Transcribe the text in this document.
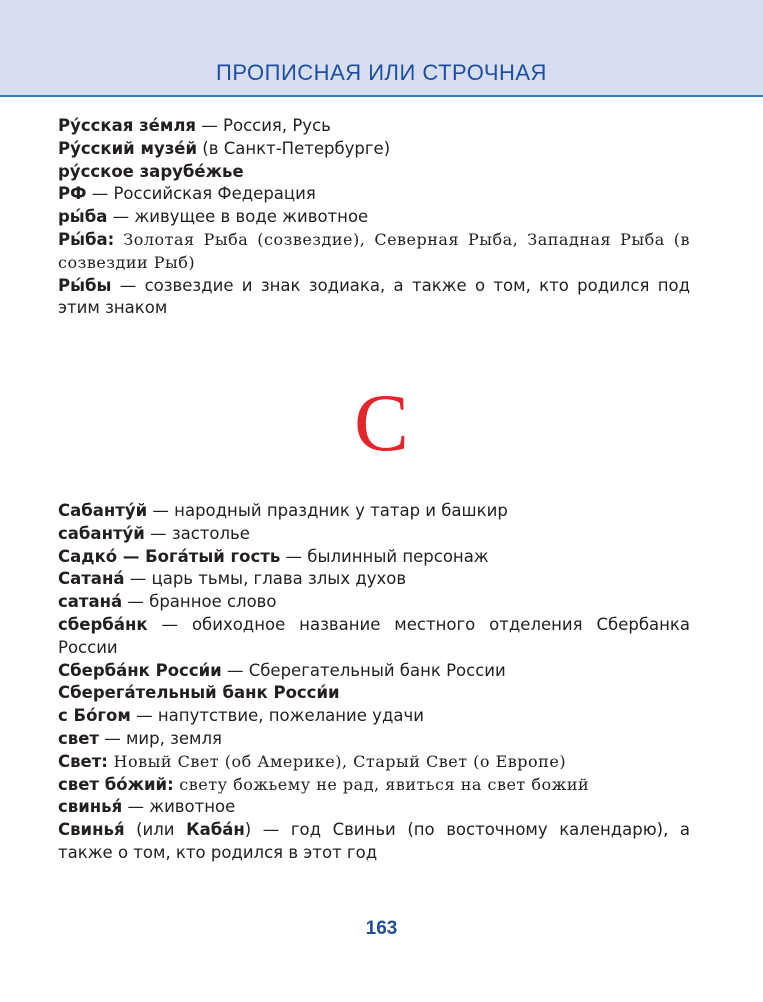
ПРОПИСНАЯ ИЛИ СТРОЧНАЯ
Ру́сская зе́мля — Россия, Русь
Ру́сский музе́й (в Санкт-Петербурге)
ру́сское зарубе́жье
РФ — Российская Федерация
ры́ба — живущее в воде животное
Ры́ба: Золотая Рыба (созвездие), Северная Рыба, Западная Рыба (в созвездии Рыб)
Ры́бы — созвездие и знак зодиака, а также о том, кто родился под этим знаком
С
Сабанту́й — народный праздник у татар и башкир
сабанту́й — застолье
Садко́ — Бога́тый гость — былинный персонаж
Сатана́ — царь тьмы, глава злых духов
сатана́ — бранное слово
сберба́нк — обиходное название местного отделения Сбербанка России
Сберба́нк Росси́и — Сберегательный банк России
Сберега́тельный банк Росси́и
с Бо́гом — напутствие, пожелание удачи
свет — мир, земля
Свет: Новый Свет (об Америке), Старый Свет (о Европе)
свет бо́жий: свету божьему не рад, явиться на свет божий
свинья́ — животное
Свинья́ (или Каба́н) — год Свиньи (по восточному календарю), а также о том, кто родился в этот год
163
